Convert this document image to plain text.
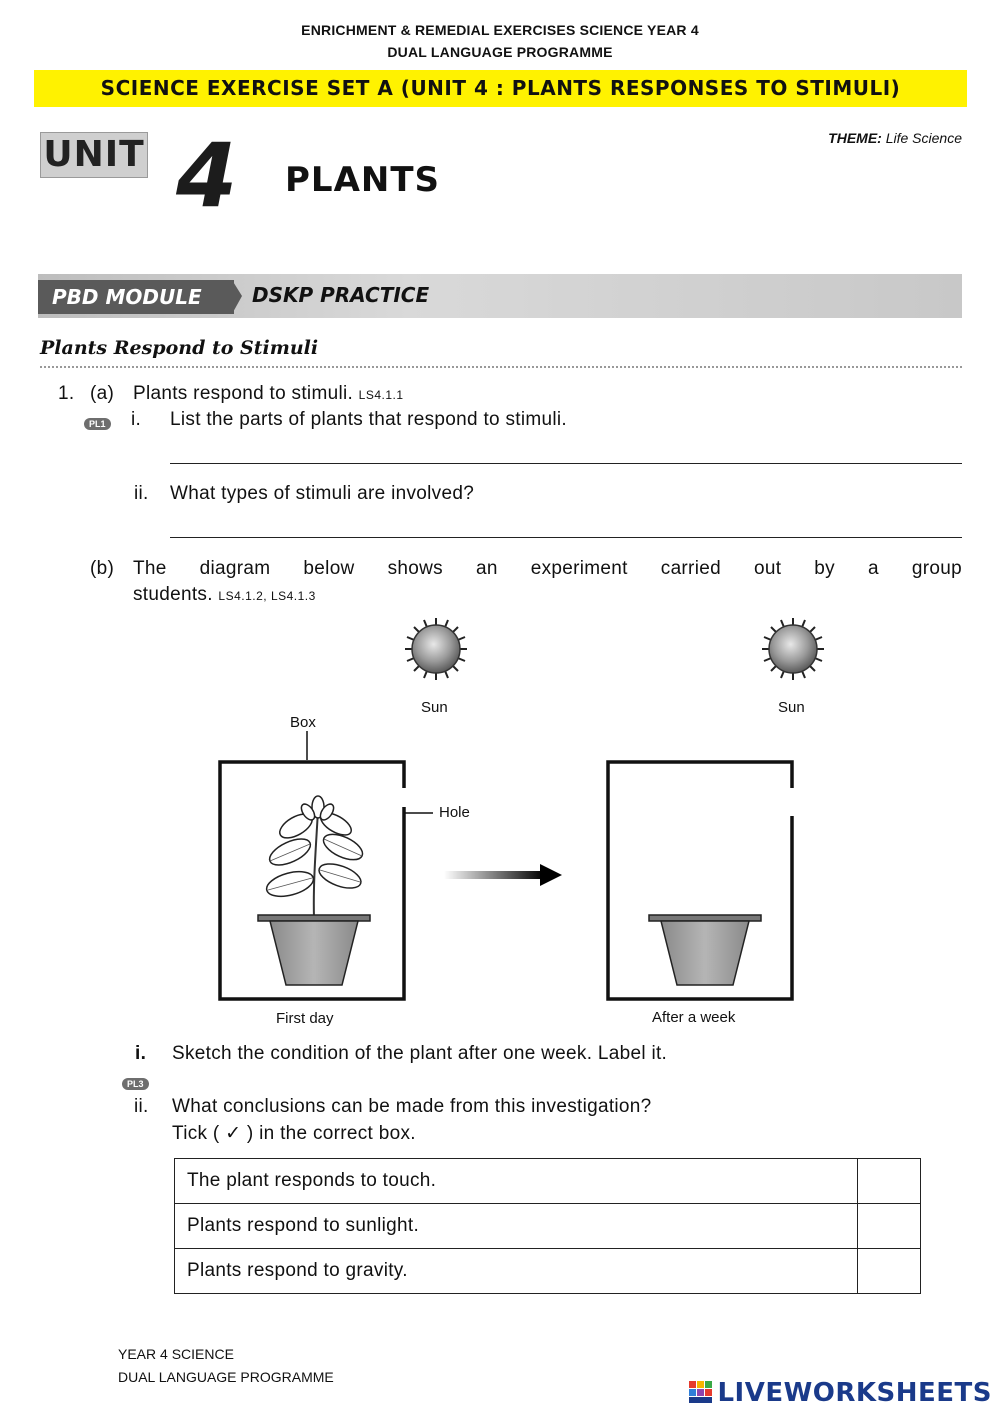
ENRICHMENT & REMEDIAL EXERCISES SCIENCE YEAR 4
DUAL LANGUAGE PROGRAMME
SCIENCE EXERCISE SET A (UNIT 4 : PLANTS RESPONSES TO STIMULI)
UNIT 4 PLANTS
THEME: Life Science
PBD MODULE	DSKP PRACTICE
Plants Respond to Stimuli
1. (a) Plants respond to stimuli. LS4.1.1
PL1 i. List the parts of plants that respond to stimuli.
ii. What types of stimuli are involved?
(b) The diagram below shows an experiment carried out by a group
students. LS4.1.2, LS4.1.3
Sun	Sun
Box
Hole
First day	After a week
i. Sketch the condition of the plant after one week. Label it.
PL3
ii. What conclusions can be made from this investigation?
Tick ( ✓ ) in the correct box.
The plant responds to touch.	
Plants respond to sunlight.	
Plants respond to gravity.	
YEAR 4 SCIENCE
DUAL LANGUAGE PROGRAMME
LIVEWORKSHEETS
